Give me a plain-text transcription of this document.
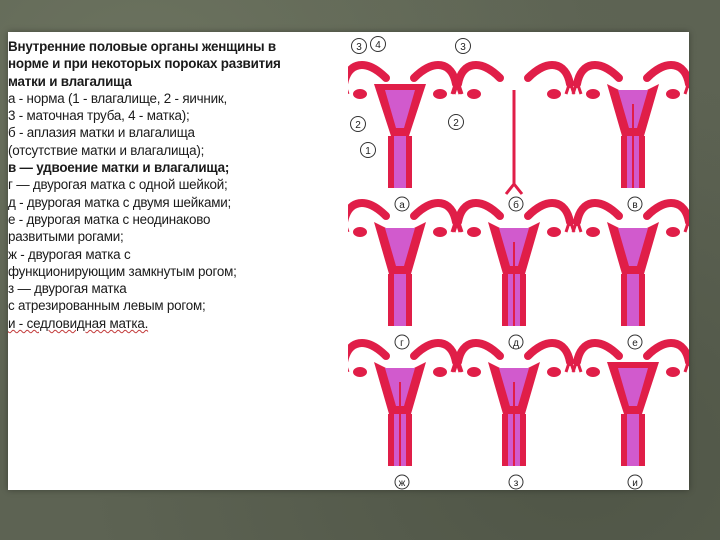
Внутренние половые органы женщины в
норме и при некоторых пороках развития
матки и влагалища
а - норма (1 - влагалище, 2 - яичник,
3 - маточная труба, 4 - матка);
б - аплазия матки и влагалища
(отсутствие матки и влагалища);
в — удвоение матки и влагалища;
г — двурогая матка с одной шейкой;
д - двурогая матка с двумя шейками;
е - двурогая матка с неодинаково
развитыми рогами;
ж - двурогая матка с
функционирующим замкнутым рогом;
з — двурогая матка
с атрезированным левым рогом;
и - седловидная матка.
а	б	в
г	д	е
ж	з	и
3 4	3
2	2
1
